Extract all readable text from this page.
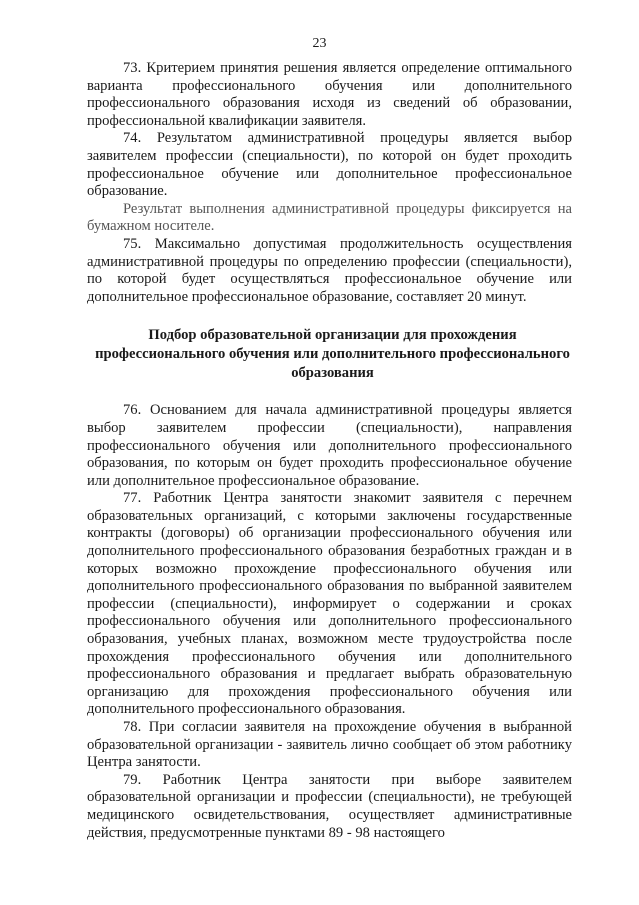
23

73. Критерием принятия решения является определение оптимального варианта профессионального обучения или дополнительного профессионального образования исходя из сведений об образовании, профессиональной квалификации заявителя.

74. Результатом административной процедуры является выбор заявителем профессии (специальности), по которой он будет проходить профессиональное обучение или дополнительное профессиональное образование.

Результат выполнения административной процедуры фиксируется на бумажном носителе.

75. Максимально допустимая продолжительность осуществления административной процедуры по определению профессии (специальности), по которой будет осуществляться профессиональное обучение или дополнительное профессиональное образование, составляет 20 минут.

Подбор образовательной организации для прохождения профессионального обучения или дополнительного профессионального образования

76. Основанием для начала административной процедуры является выбор заявителем профессии (специальности), направления профессионального обучения или дополнительного профессионального образования, по которым он будет проходить профессиональное обучение или дополнительное профессиональное образование.

77. Работник Центра занятости знакомит заявителя с перечнем образовательных организаций, с которыми заключены государственные контракты (договоры) об организации профессионального обучения или дополнительного профессионального образования безработных граждан и в которых возможно прохождение профессионального обучения или дополнительного профессионального образования по выбранной заявителем профессии (специальности), информирует о содержании и сроках профессионального обучения или дополнительного профессионального образования, учебных планах, возможном месте трудоустройства после прохождения профессионального обучения или дополнительного профессионального образования и предлагает выбрать образовательную организацию для прохождения профессионального обучения или дополнительного профессионального образования.

78. При согласии заявителя на прохождение обучения в выбранной образовательной организации - заявитель лично сообщает об этом работнику Центра занятости.

79. Работник Центра занятости при выборе заявителем образовательной организации и профессии (специальности), не требующей медицинского освидетельствования, осуществляет административные действия, предусмотренные пунктами 89 - 98 настоящего
